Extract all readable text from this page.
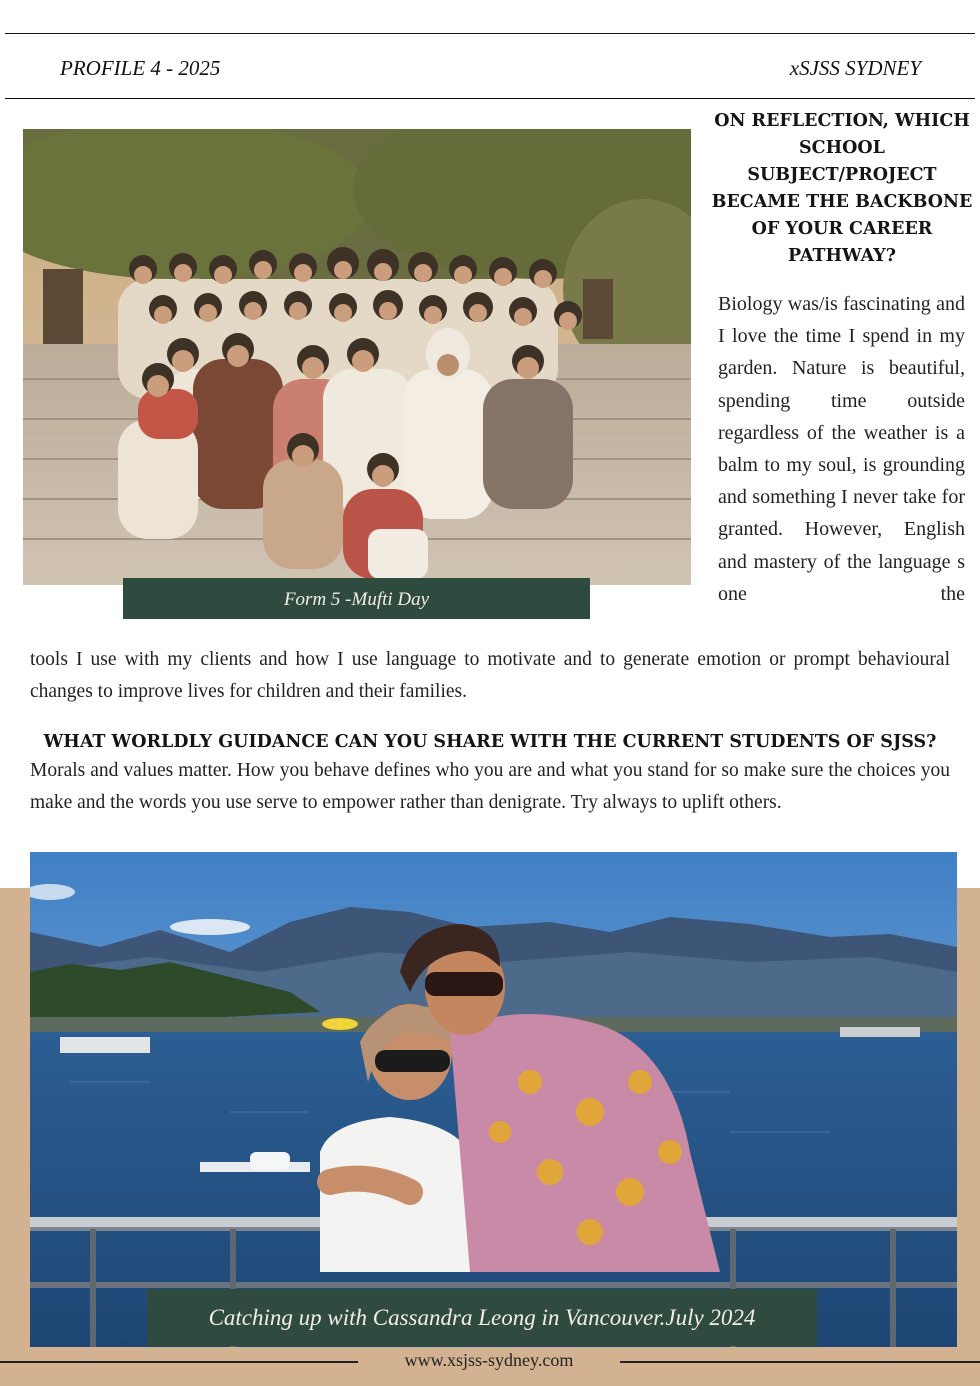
PROFILE 4 - 2025	xSJSS SYDNEY
Form 5 -Mufti Day
ON REFLECTION, WHICH
SCHOOL
SUBJECT/PROJECT
BECAME THE BACKBONE
OF YOUR CAREER
PATHWAY?

Biology was/is fascinating and I love the time I spend in my garden. Nature is beautiful, spending time outside regardless of the weather is a balm to my soul, is grounding and something I never take for granted. However, English and mastery of the language s one the

tools I use with my clients and how I use language to motivate and to generate emotion or prompt behavioural changes to improve lives for children and their families.

WHAT WORLDLY GUIDANCE CAN YOU SHARE WITH THE CURRENT STUDENTS OF SJSS?

Morals and values matter. How you behave defines who you are and what you stand for so make sure the choices you make and the words you use serve to empower rather than denigrate. Try always to uplift others.

Catching up with Cassandra Leong in Vancouver.July 2024
www.xsjss-sydney.com
